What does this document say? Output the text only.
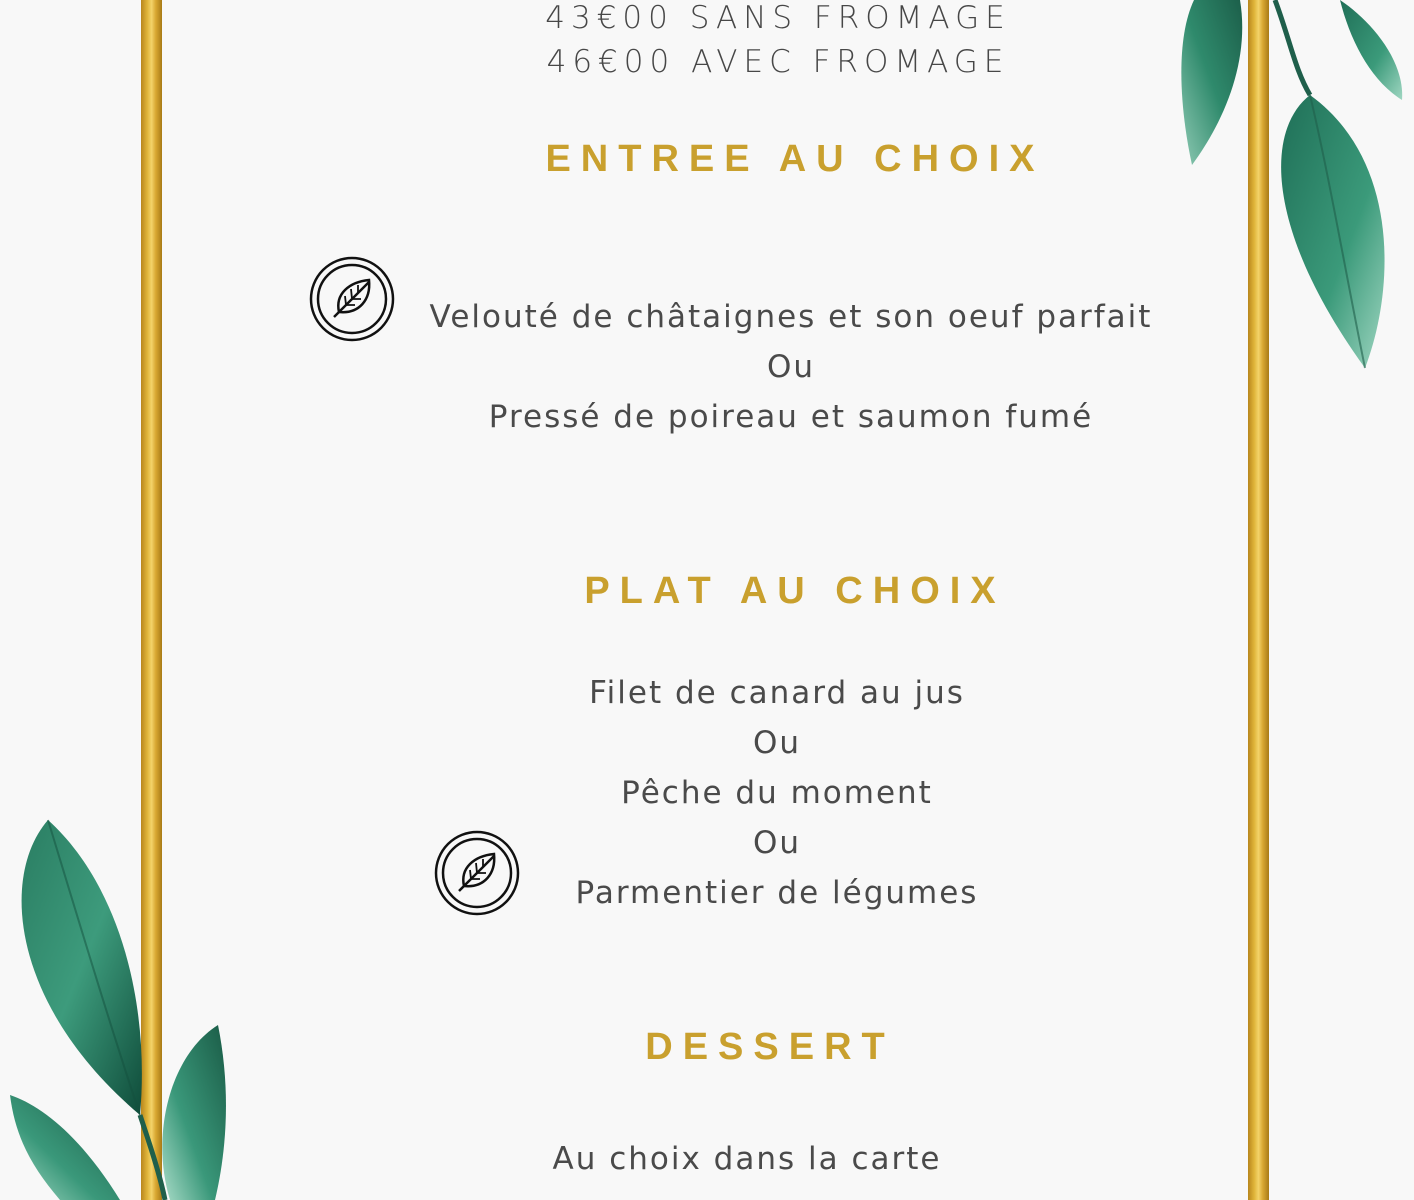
43€00 SANS FROMAGE
46€00 AVEC FROMAGE
ENTREE AU CHOIX
Velouté de châtaignes et son oeuf parfait
Ou
Pressé de poireau et saumon fumé
PLAT AU CHOIX
Filet de canard au jus
Ou
Pêche du moment
Ou
Parmentier de légumes
DESSERT
Au choix dans la carte
